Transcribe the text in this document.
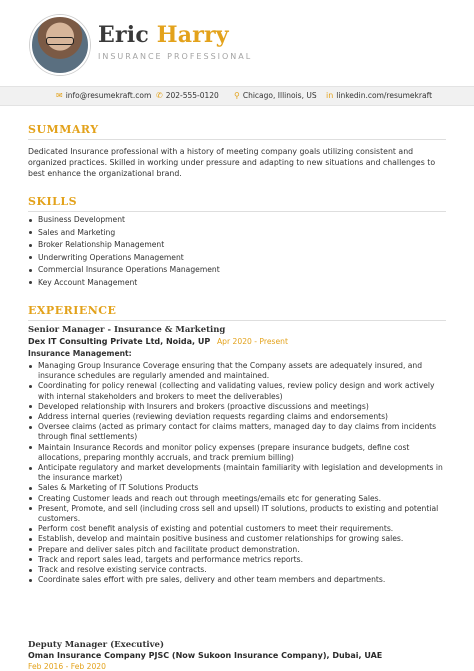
Eric Harry
INSURANCE PROFESSIONAL
✉ info@resumekraft.com ✆ 202-555-0120 ⚲ Chicago, Illinois, US in linkedin.com/resumekraft
SUMMARY
Dedicated Insurance professional with a history of meeting company goals utilizing consistent and organized practices. Skilled in working under pressure and adapting to new situations and challenges to best enhance the organizational brand.
SKILLS
Business Development
Sales and Marketing
Broker Relationship Management
Underwriting Operations Management
Commercial Insurance Operations Management
Key Account Management
EXPERIENCE
Senior Manager - Insurance & Marketing
Dex IT Consulting Private Ltd, Noida, UP Apr 2020 - Present
Insurance Management:
Managing Group Insurance Coverage ensuring that the Company assets are adequately insured, and insurance schedules are regularly amended and maintained.
Coordinating for policy renewal (collecting and validating values, review policy design and work actively with internal stakeholders and brokers to meet the deliverables)
Developed relationship with Insurers and brokers (proactive discussions and meetings)
Address internal queries (reviewing deviation requests regarding claims and endorsements)
Oversee claims (acted as primary contact for claims matters, managed day to day claims from incidents through final settlements)
Maintain Insurance Records and monitor policy expenses (prepare insurance budgets, define cost allocations, preparing monthly accruals, and track premium billing)
Anticipate regulatory and market developments (maintain familiarity with legislation and developments in the insurance market)
Sales & Marketing of IT Solutions Products
Creating Customer leads and reach out through meetings/emails etc for generating Sales.
Present, Promote, and sell (including cross sell and upsell) IT solutions, products to existing and potential customers.
Perform cost benefit analysis of existing and potential customers to meet their requirements.
Establish, develop and maintain positive business and customer relationships for growing sales.
Prepare and deliver sales pitch and facilitate product demonstration.
Track and report sales lead, targets and performance metrics reports.
Track and resolve existing service contracts.
Coordinate sales effort with pre sales, delivery and other team members and departments.
Deputy Manager (Executive)
Oman Insurance Company PJSC (Now Sukoon Insurance Company), Dubai, UAE
Feb 2016 - Feb 2020
